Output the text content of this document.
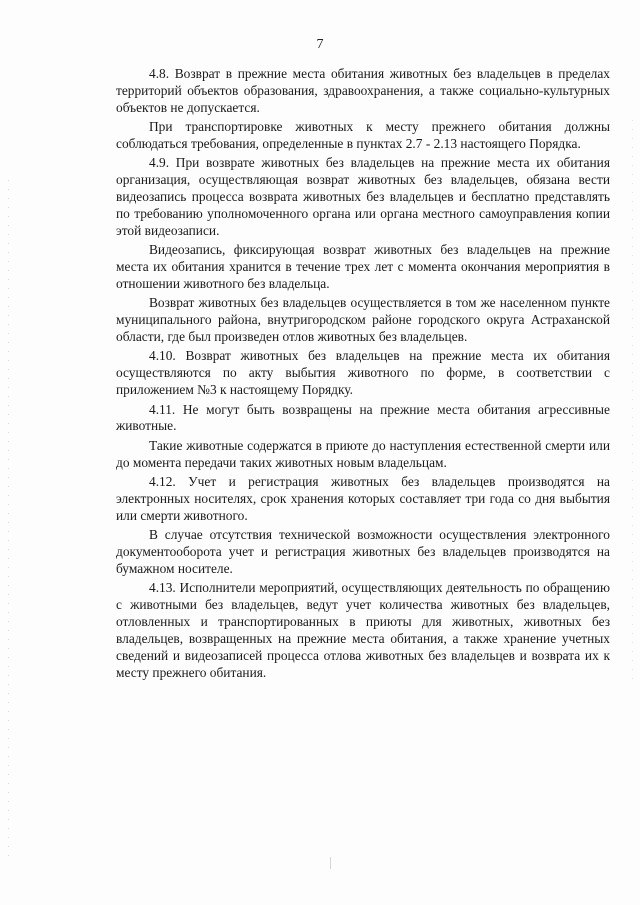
7

4.8. Возврат в прежние места обитания животных без владельцев в пределах территорий объектов образования, здравоохранения, а также социально-культурных объектов не допускается.

При транспортировке животных к месту прежнего обитания должны соблюдаться требования, определенные в пунктах 2.7 - 2.13 настоящего Порядка.

4.9. При возврате животных без владельцев на прежние места их обитания организация, осуществляющая возврат животных без владельцев, обязана вести видеозапись процесса возврата животных без владельцев и бесплатно представлять по требованию уполномоченного органа или органа местного самоуправления копии этой видеозаписи.

Видеозапись, фиксирующая возврат животных без владельцев на прежние места их обитания хранится в течение трех лет с момента окончания мероприятия в отношении животного без владельца.

Возврат животных без владельцев осуществляется в том же населенном пункте муниципального района, внутригородском районе городского округа Астраханской области, где был произведен отлов животных без владельцев.

4.10. Возврат животных без владельцев на прежние места их обитания осуществляются по акту выбытия животного по форме, в соответствии с приложением №3 к настоящему Порядку.

4.11. Не могут быть возвращены на прежние места обитания агрессивные животные.

Такие животные содержатся в приюте до наступления естественной смерти или до момента передачи таких животных новым владельцам.

4.12. Учет и регистрация животных без владельцев производятся на электронных носителях, срок хранения которых составляет три года со дня выбытия или смерти животного.

В случае отсутствия технической возможности осуществления электронного документооборота учет и регистрация животных без владельцев производятся на бумажном носителе.

4.13. Исполнители мероприятий, осуществляющих деятельность по обращению с животными без владельцев, ведут учет количества животных без владельцев, отловленных и транспортированных в приюты для животных, животных без владельцев, возвращенных на прежние места обитания, а также хранение учетных сведений и видеозаписей процесса отлова животных без владельцев и возврата их к месту прежнего обитания.
